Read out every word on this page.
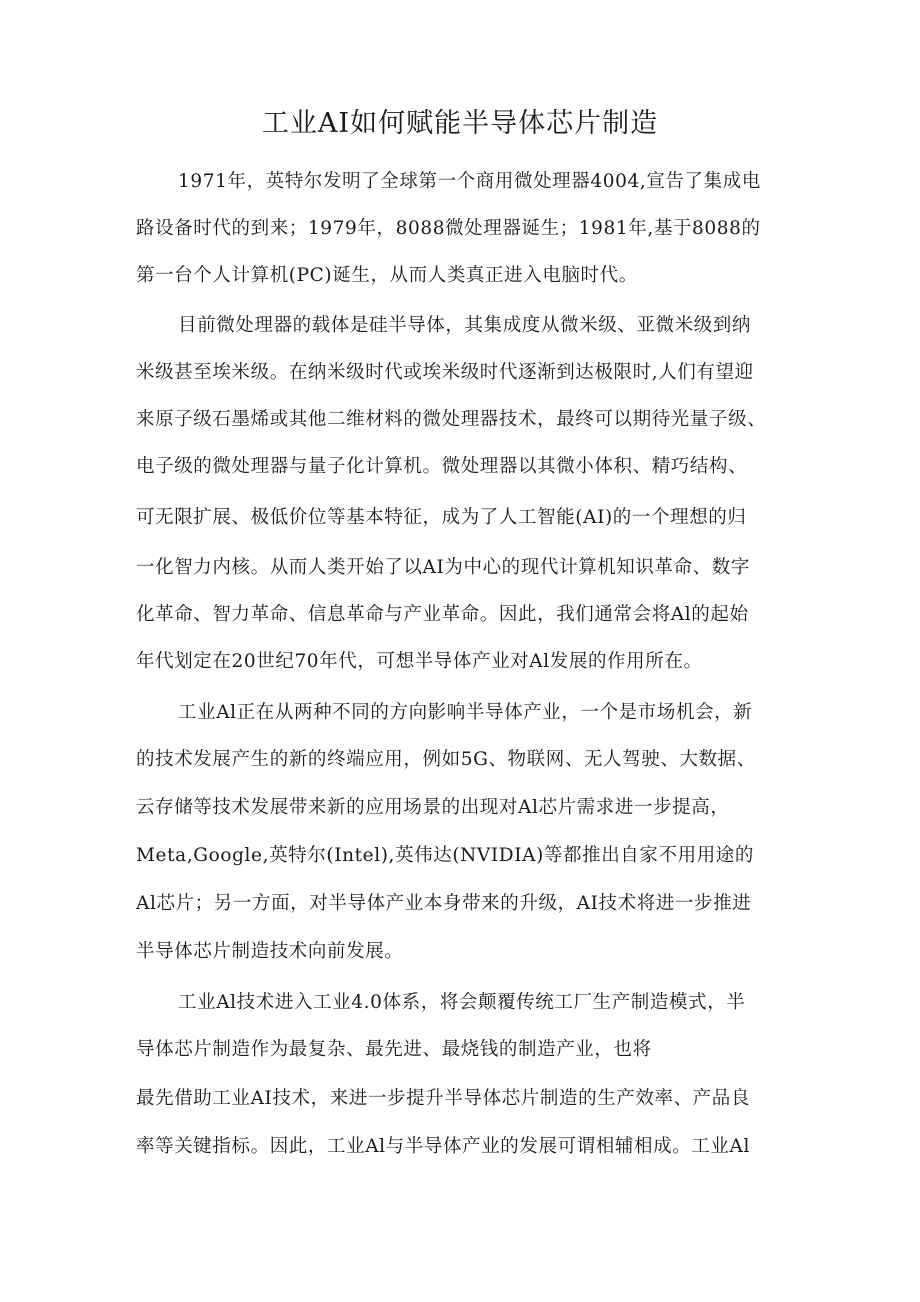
工业AI如何赋能半导体芯片制造
1971年，英特尔发明了全球第一个商用微处理器4004,宣告了集成电
路设备时代的到来；1979年，8088微处理器诞生；1981年,基于8088的
第一台个人计算机(PC)诞生，从而人类真正进入电脑时代。
目前微处理器的载体是硅半导体，其集成度从微米级、亚微米级到纳
米级甚至埃米级。在纳米级时代或埃米级时代逐渐到达极限时,人们有望迎
来原子级石墨烯或其他二维材料的微处理器技术，最终可以期待光量子级、
电子级的微处理器与量子化计算机。微处理器以其微小体积、精巧结构、
可无限扩展、极低价位等基本特征，成为了人工智能(AI)的一个理想的归
一化智力内核。从而人类开始了以AI为中心的现代计算机知识革命、数字
化革命、智力革命、信息革命与产业革命。因此，我们通常会将Al的起始
年代划定在20世纪70年代，可想半导体产业对Al发展的作用所在。
工业Al正在从两种不同的方向影响半导体产业，一个是市场机会，新
的技术发展产生的新的终端应用，例如5G、物联网、无人驾驶、大数据、
云存储等技术发展带来新的应用场景的出现对Al芯片需求进一步提高，
Meta,Google,英特尔(Intel),英伟达(NVIDIA)等都推出自家不用用途的
Al芯片；另一方面，对半导体产业本身带来的升级，AI技术将进一步推进
半导体芯片制造技术向前发展。
工业Al技术进入工业4.0体系，将会颠覆传统工厂生产制造模式，半
导体芯片制造作为最复杂、最先进、最烧钱的制造产业，也将
最先借助工业AI技术，来进一步提升半导体芯片制造的生产效率、产品良
率等关键指标。因此，工业Al与半导体产业的发展可谓相辅相成。工业Al
